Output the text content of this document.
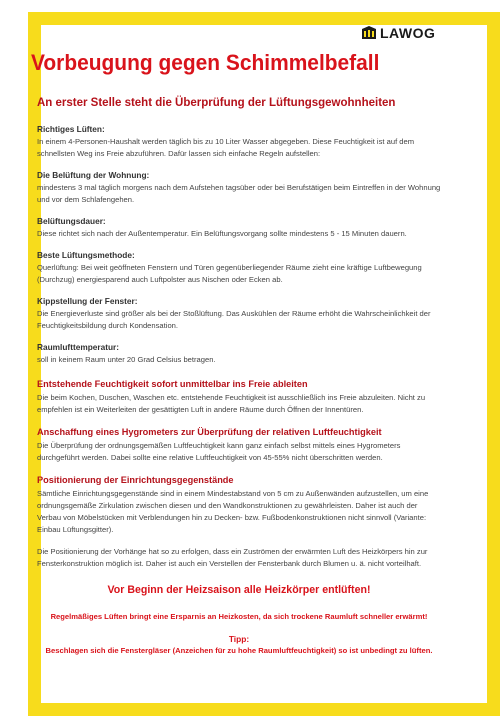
LAWOG
Vorbeugung gegen Schimmelbefall
An erster Stelle steht die Überprüfung der Lüftungsgewohnheiten
Richtiges Lüften:
In einem 4-Personen-Haushalt werden täglich bis zu 10 Liter Wasser abgegeben. Diese Feuchtigkeit ist auf dem schnellsten Weg ins Freie abzuführen. Dafür lassen sich einfache Regeln aufstellen:
Die Belüftung der Wohnung:
mindestens 3 mal täglich morgens nach dem Aufstehen tagsüber oder bei Berufstätigen beim Eintreffen in der Wohnung und vor dem Schlafengehen.
Belüftungsdauer:
Diese richtet sich nach der Außentemperatur. Ein Belüftungsvorgang sollte mindestens 5 - 15 Minuten dauern.
Beste Lüftungsmethode:
Querlüftung: Bei weit geöffneten Fenstern und Türen gegenüberliegender Räume zieht eine kräftige Luftbewegung (Durchzug) energiesparend auch Luftpolster aus Nischen oder Ecken ab.
Kippstellung der Fenster:
Die Energieverluste sind größer als bei der Stoßlüftung. Das Auskühlen der Räume erhöht die Wahrscheinlichkeit der Feuchtigkeitsbildung durch Kondensation.
Raumlufttemperatur:
soll in keinem Raum unter 20 Grad Celsius betragen.
Entstehende Feuchtigkeit sofort unmittelbar ins Freie ableiten
Die beim Kochen, Duschen, Waschen etc. entstehende Feuchtigkeit ist ausschließlich ins Freie abzuleiten. Nicht zu empfehlen ist ein Weiterleiten der gesättigten Luft in andere Räume durch Öffnen der Innentüren.
Anschaffung eines Hygrometers zur Überprüfung der relativen Luftfeuchtigkeit
Die Überprüfung der ordnungsgemäßen Luftfeuchtigkeit kann ganz einfach selbst mittels eines Hygrometers durchgeführt werden. Dabei sollte eine relative Luftfeuchtigkeit von 45-55% nicht überschritten werden.
Positionierung der Einrichtungsgegenstände
Sämtliche Einrichtungsgegenstände sind in einem Mindestabstand von 5 cm zu Außenwänden aufzustellen, um eine ordnungsgemäße Zirkulation zwischen diesen und den Wandkonstruktionen zu gewährleisten. Daher ist auch der Verbau von Möbelstücken mit Verblendungen hin zu Decken- bzw. Fußbodenkonstruktionen nicht sinnvoll (Variante: Einbau Lüftungsgitter).
Die Positionierung der Vorhänge hat so zu erfolgen, dass ein Zuströmen der erwärmten Luft des Heizkörpers hin zur Fensterkonstruktion möglich ist. Daher ist auch ein Verstellen der Fensterbank durch Blumen u. ä. nicht vorteilhaft.
Vor Beginn der Heizsaison alle Heizkörper entlüften!
Regelmäßiges Lüften bringt eine Ersparnis an Heizkosten, da sich trockene Raumluft schneller erwärmt!
Tipp:
Beschlagen sich die Fenstergläser (Anzeichen für zu hohe Raumluftfeuchtigkeit) so ist unbedingt zu lüften.
